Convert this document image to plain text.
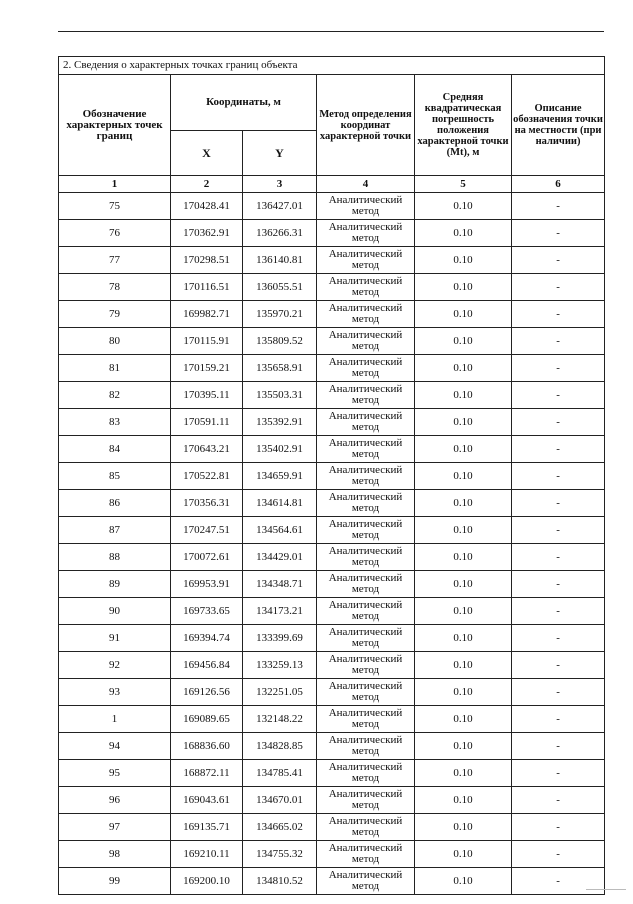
2. Сведения о характерных точках границ объекта					
Обозначение характерных точек границ	Координаты, м		Метод определения координат характерной точки	Средняя квадратическая погрешность положения характерной точки (Mt), м	Описание обозначения точки на местности (при наличии)
	X	Y			
1	2	3	4	5	6
75	170428.41	136427.01	Аналитический метод	0.10	-
76	170362.91	136266.31	Аналитический метод	0.10	-
77	170298.51	136140.81	Аналитический метод	0.10	-
78	170116.51	136055.51	Аналитический метод	0.10	-
79	169982.71	135970.21	Аналитический метод	0.10	-
80	170115.91	135809.52	Аналитический метод	0.10	-
81	170159.21	135658.91	Аналитический метод	0.10	-
82	170395.11	135503.31	Аналитический метод	0.10	-
83	170591.11	135392.91	Аналитический метод	0.10	-
84	170643.21	135402.91	Аналитический метод	0.10	-
85	170522.81	134659.91	Аналитический метод	0.10	-
86	170356.31	134614.81	Аналитический метод	0.10	-
87	170247.51	134564.61	Аналитический метод	0.10	-
88	170072.61	134429.01	Аналитический метод	0.10	-
89	169953.91	134348.71	Аналитический метод	0.10	-
90	169733.65	134173.21	Аналитический метод	0.10	-
91	169394.74	133399.69	Аналитический метод	0.10	-
92	169456.84	133259.13	Аналитический метод	0.10	-
93	169126.56	132251.05	Аналитический метод	0.10	-
1	169089.65	132148.22	Аналитический метод	0.10	-
94	168836.60	134828.85	Аналитический метод	0.10	-
95	168872.11	134785.41	Аналитический метод	0.10	-
96	169043.61	134670.01	Аналитический метод	0.10	-
97	169135.71	134665.02	Аналитический метод	0.10	-
98	169210.11	134755.32	Аналитический метод	0.10	-
99	169200.10	134810.52	Аналитический метод	0.10	-
